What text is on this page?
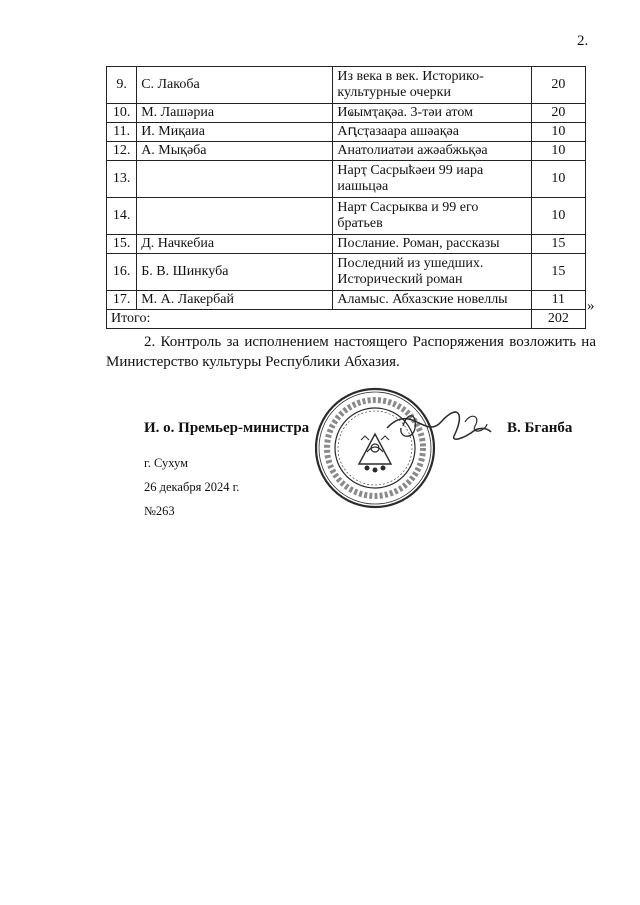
2.
9.	С. Лакоба	Из века в век. Историко-культурные очерки	20
10.	М. Лашәриа	Иҩымҭақәа. 3-тәи атом	20
11.	И. Миқаиа	Аԥсҭазаара ашәақәа	10
12.	А. Мықәба	Анатолиатәи ажәабжьқәа	10
13.		Нарҭ Сасрыҟәеи 99 иара иашьцәа	10
14.		Нарт Сасрыква и 99 его братьев	10
15.	Д. Начкебиа	Послание. Роман, рассказы	15
16.	Б. В. Шинкуба	Последний из ушедших. Исторический роман	15
17.	М. А. Лакербай	Аламыс. Абхазские новеллы	11
Итого:			202
»

2. Контроль за исполнением настоящего Распоряжения возложить на Министерство культуры Республики Абхазия.

И. о. Премьер-министра	В. Бганба
г. Сухум
26 декабря 2024 г.
№263
